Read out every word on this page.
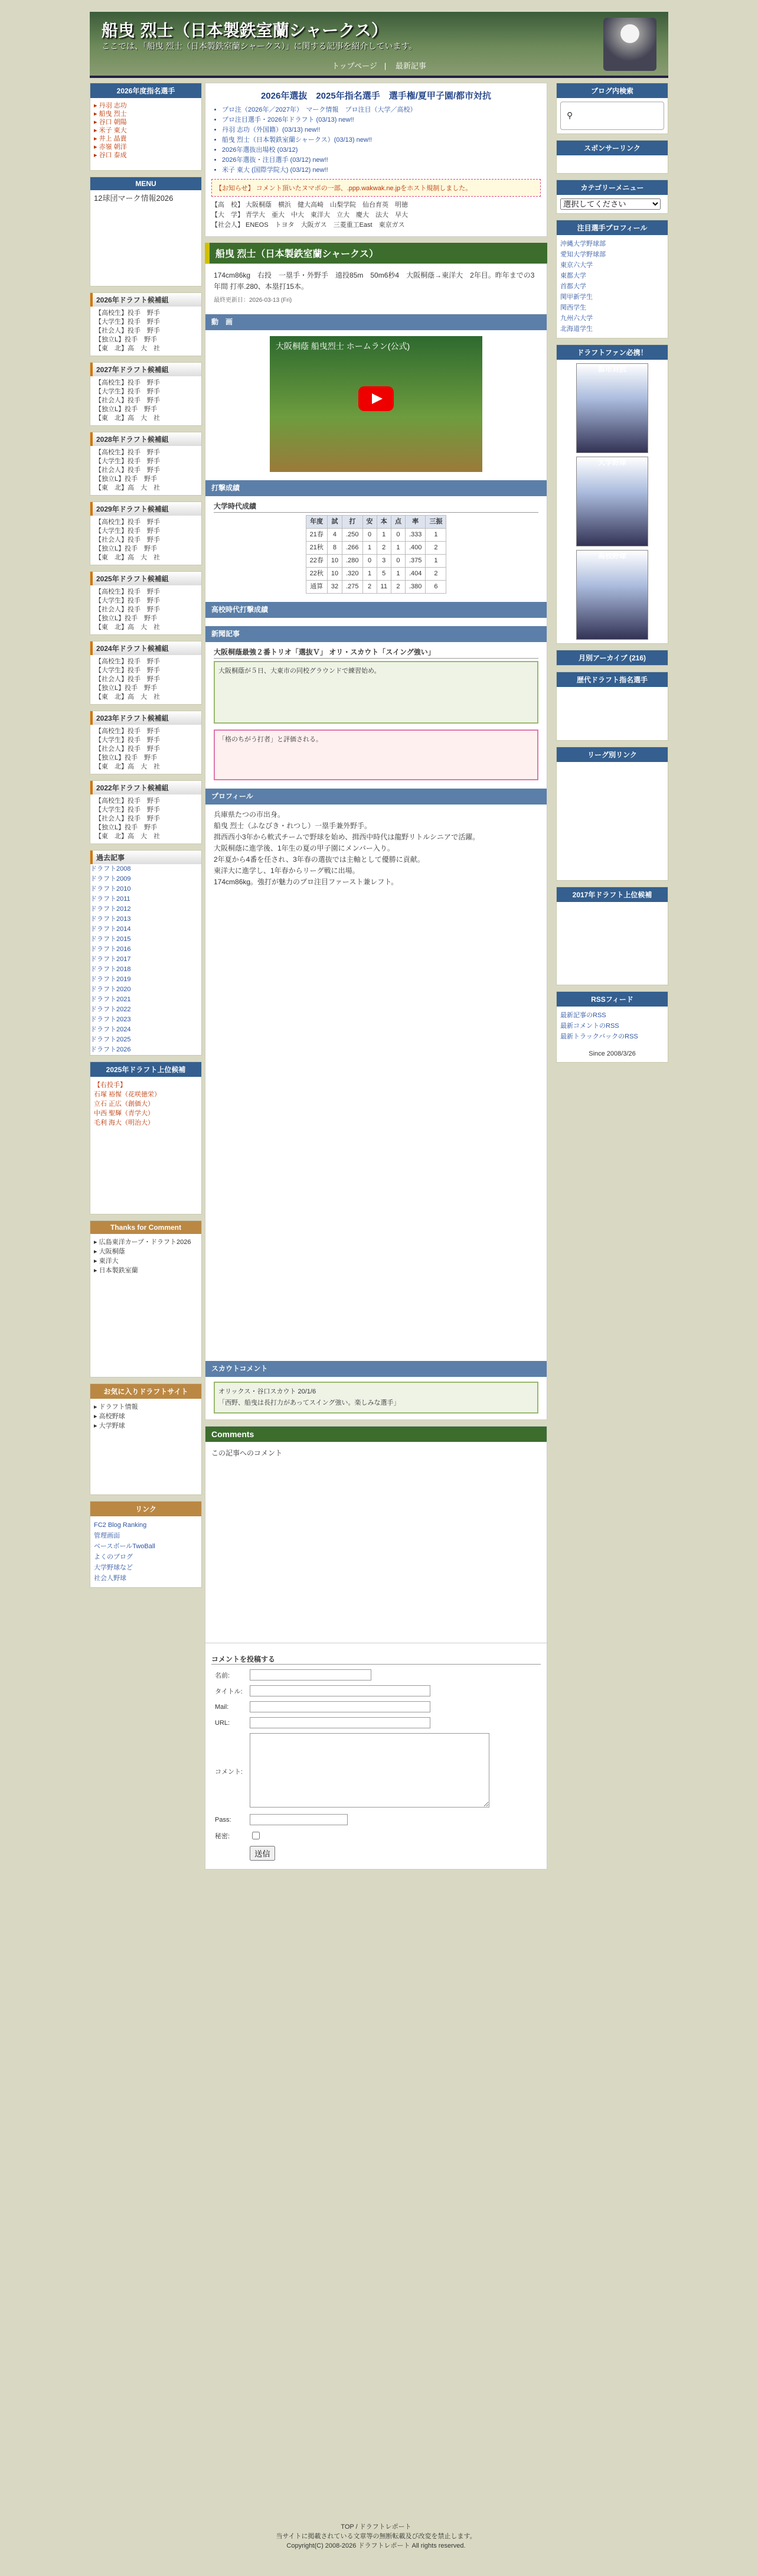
船曳 烈士（日本製鉄室蘭シャークス）
ここでは、「船曳 烈士（日本製鉄室蘭シャークス）」に関する記事を紹介しています。
トップページ | 最新記事
2026年度指名選手
▸ 丹羽 志功
▸ 船曳 烈士
▸ 谷口 朝陽
▸ 米子 東大
▸ 井上 晶貴
▸ 赤嶺 朝洋
▸ 谷口 泰成
MENU
12球団マーク情報2026
2026年ドラフト候補組
【高校生】投手　野手
【大学生】投手　野手
【社会人】投手　野手
【独立L】投手　野手
【東　北】高　大　社
2027年ドラフト候補組
【高校生】投手　野手
【大学生】投手　野手
【社会人】投手　野手
【独立L】投手　野手
【東　北】高　大　社
2028年ドラフト候補組
【高校生】投手　野手
【大学生】投手　野手
【社会人】投手　野手
【独立L】投手　野手
【東　北】高　大　社
2029年ドラフト候補組
【高校生】投手　野手
【大学生】投手　野手
【社会人】投手　野手
【独立L】投手　野手
【東　北】高　大　社
2025年ドラフト候補組
【高校生】投手　野手
【大学生】投手　野手
【社会人】投手　野手
【独立L】投手　野手
【東　北】高　大　社
2024年ドラフト候補組
【高校生】投手　野手
【大学生】投手　野手
【社会人】投手　野手
【独立L】投手　野手
【東　北】高　大　社
2023年ドラフト候補組
【高校生】投手　野手
【大学生】投手　野手
【社会人】投手　野手
【独立L】投手　野手
【東　北】高　大　社
2022年ドラフト候補組
【高校生】投手　野手
【大学生】投手　野手
【社会人】投手　野手
【独立L】投手　野手
【東　北】高　大　社
過去記事
ドラフト2008
ドラフト2009
ドラフト2010
ドラフト2011
ドラフト2012
ドラフト2013
ドラフト2014
ドラフト2015
ドラフト2016
ドラフト2017
ドラフト2018
ドラフト2019
ドラフト2020
ドラフト2021
ドラフト2022
ドラフト2023
ドラフト2024
ドラフト2025
ドラフト2026
2025年ドラフト上位候補
【右投手】
石塚 裕惺（花咲徳栄）
立石 正広（創価大）
中西 聖輝（青学大）
毛利 海大（明治大）
Thanks for Comment
▸ 広島東洋カープ・ドラフト2026
▸ 大阪桐蔭
▸ 東洋大
▸ 日本製鉄室蘭
お気に入りドラフトサイト
▸ ドラフト情報
▸ 高校野球
▸ 大学野球
リンク
FC2 Blog Ranking
管理画面
ベースボールTwoBall
よくのブログ
大学野球など
社会人野球
2026年選抜　2025年指名選手　選手権/夏甲子園/都市対抗
• プロ注（2026年／2027年）　マーク情報　プロ注目（大学／高校）
• プロ注目選手・2026年ドラフト (03/13) new!!
• 丹羽 志功（外国籍）(03/13) new!!
• 船曳 烈士（日本製鉄室蘭シャークス）(03/13) new!!
• 2026年選抜出場校 (03/12)
• 2026年選抜・注目選手 (03/12) new!!
• 米子 東大 (国際学院大) (03/12) new!!
【お知らせ】 コメント頂いたヌマポの一部、.ppp.wakwak.ne.jpをホスト規制しました。
【高　校】 大阪桐蔭　横浜　健大高崎　山梨学院　仙台育英　明徳
【大　学】 青学大　亜大　中大　東洋大　立大　慶大　法大　早大
【社会人】 ENEOS　トヨタ　大阪ガス　三菱重工East　東京ガス
船曳 烈士（日本製鉄室蘭シャークス）
174cm86kg　右投　一塁手・外野手　遠投85m　50m6秒4　大阪桐蔭→東洋大　2年目。昨年までの3年間 打率.280、本塁打15本。
最終更新日：2026-03-13 (Fri)
動　画
大阪桐蔭 船曳烈士 ホームラン(公式)
打撃成績
大学時代成績
年度	試	打	安	本	点	率	三振
21春	4	.250	0	1	0	.333	1
21秋	8	.266	1	2	1	.400	2
22春	10	.280	0	3	0	.375	1
22秋	10	.320	1	5	1	.404	2
通算	32	.275	2	11	2	.380	6
高校時代打撃成績
新聞記事
大阪桐蔭最強２番トリオ「選抜Ｖ」 オリ・スカウト「スイング強い」
大阪桐蔭が５日、大東市の同校グラウンドで練習始め。
「格のちがう打者」と評価される。
プロフィール
兵庫県たつの市出身。
船曳 烈士（ふなびき・れつし）一塁手兼外野手。
揖西西小3年から軟式チームで野球を始め、揖西中時代は龍野リトルシニアで活躍。
大阪桐蔭に進学後、1年生の夏の甲子園にメンバー入り。
2年夏から4番を任され、3年春の選抜では主軸として優勝に貢献。
東洋大に進学し、1年春からリーグ戦に出場。
174cm86kg。強打が魅力のプロ注目ファースト兼レフト。
スカウトコメント
オリックス・谷口スカウト 20/1/6
「西野、船曳は長打力があってスイング強い。楽しみな選手」
Comments
この記事へのコメント
コメントを投稿する
名前:	
タイトル:	
Mail:	
URL:	
コメント:	
Pass:	
秘密:	
	送信
ブログ内検索
⚲
スポンサーリンク
カテゴリーメニュー
選択してください
注目選手プロフィール
沖縄大学野球部
愛知大学野球部
東京六大学
東都大学
首都大学
関甲新学生
関西学生
九州六大学
北海道学生
ドラフトファン必携！
都市対抗
大学野球
高校野球
月別アーカイブ (216)
歴代ドラフト指名選手
リーグ別リンク
2017年ドラフト上位候補
RSSフィード
最新記事のRSS
最新コメントのRSS
最新トラックバックのRSS
Since 2008/3/26
TOP / ドラフトレポート
当サイトに掲載されている文章等の無断転載及び改変を禁止します。
Copyright(C) 2008-2026 ドラフトレポート All rights reserved.
